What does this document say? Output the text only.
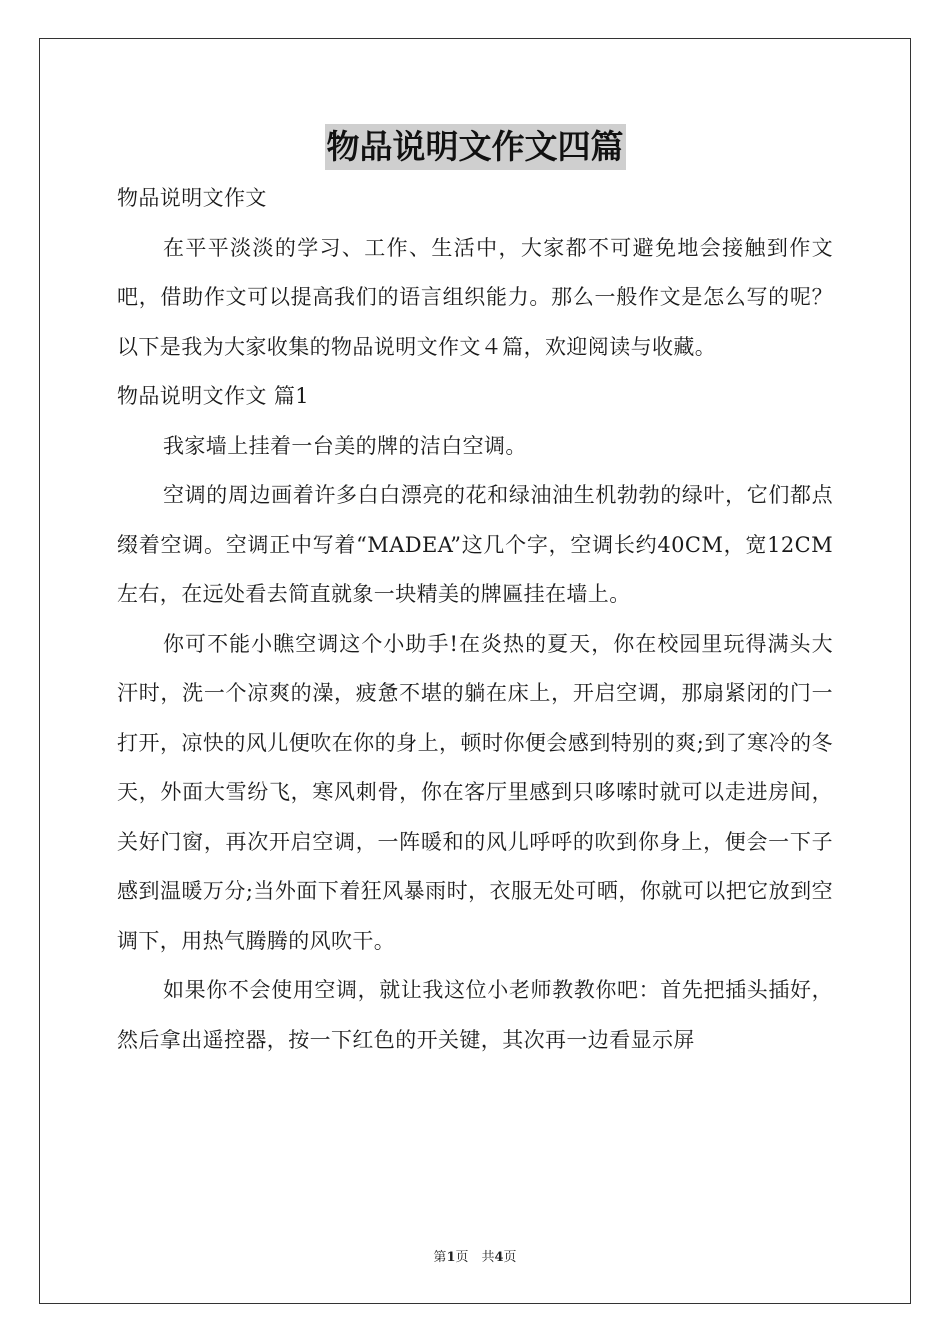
物品说明文作文四篇

物品说明文作文

在平平淡淡的学习、工作、生活中，大家都不可避免地会接触到作文吧，借助作文可以提高我们的语言组织能力。那么一般作文是怎么写的呢？以下是我为大家收集的物品说明文作文４篇，欢迎阅读与收藏。

物品说明文作文 篇1

我家墙上挂着一台美的牌的洁白空调。

空调的周边画着许多白白漂亮的花和绿油油生机勃勃的绿叶，它们都点缀着空调。空调正中写着“MADEA”这几个字，空调长约40CM，宽12CM左右，在远处看去简直就象一块精美的牌匾挂在墙上。

你可不能小瞧空调这个小助手!在炎热的夏天，你在校园里玩得满头大汗时，洗一个凉爽的澡，疲惫不堪的躺在床上，开启空调，那扇紧闭的门一打开，凉快的风儿便吹在你的身上，顿时你便会感到特别的爽;到了寒冷的冬天，外面大雪纷飞，寒风刺骨，你在客厅里感到只哆嗦时就可以走进房间，关好门窗，再次开启空调，一阵暖和的风儿呼呼的吹到你身上，便会一下子感到温暖万分;当外面下着狂风暴雨时，衣服无处可晒，你就可以把它放到空调下，用热气腾腾的风吹干。

如果你不会使用空调，就让我这位小老师教教你吧：首先把插头插好，然后拿出遥控器，按一下红色的开关键，其次再一边看显示屏

第1页　共4页
